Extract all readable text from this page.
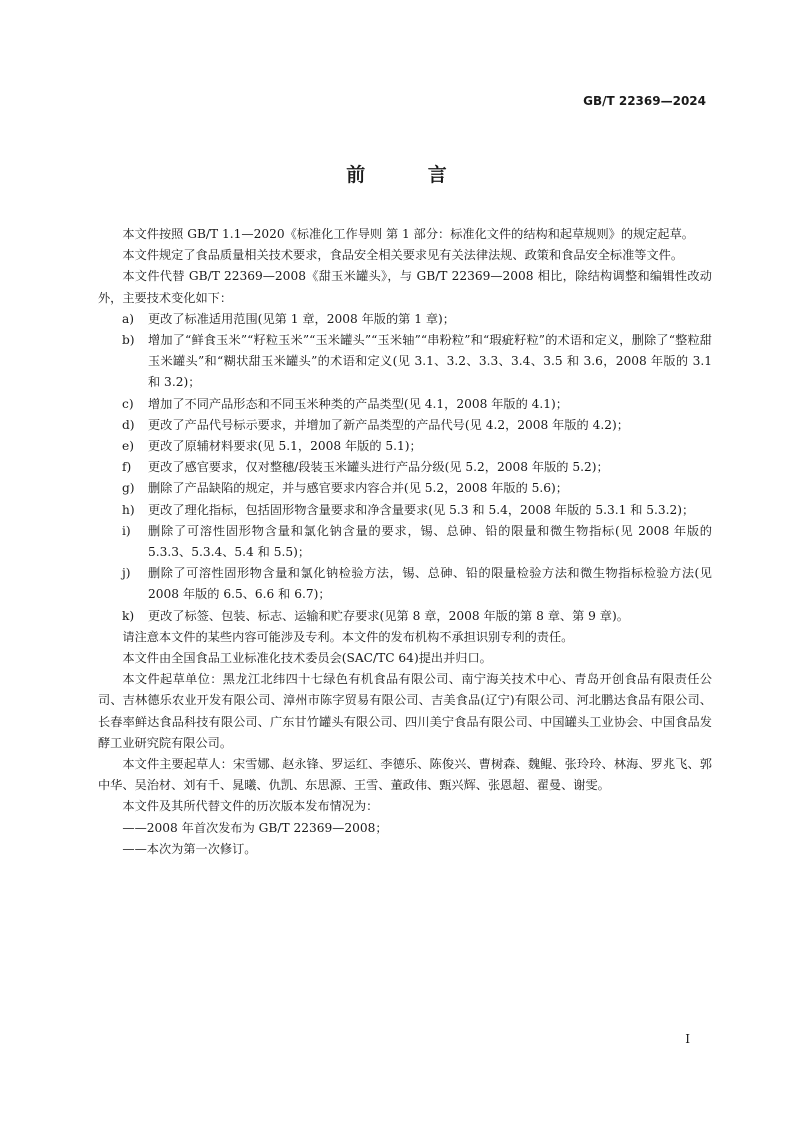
GB/T 22369—2024
前 言
本文件按照 GB/T 1.1—2020《标准化工作导则 第 1 部分：标准化文件的结构和起草规则》的规定起草。
本文件规定了食品质量相关技术要求，食品安全相关要求见有关法律法规、政策和食品安全标准等文件。
本文件代替 GB/T 22369—2008《甜玉米罐头》，与 GB/T 22369—2008 相比，除结构调整和编辑性改动外，主要技术变化如下：
a)	更改了标准适用范围(见第 1 章，2008 年版的第 1 章)；
b)	增加了“鲜食玉米”“籽粒玉米”“玉米罐头”“玉米轴”“串粉粒”和“瑕疵籽粒”的术语和定义，删除了“整粒甜玉米罐头”和“糊状甜玉米罐头”的术语和定义(见 3.1、3.2、3.3、3.4、3.5 和 3.6，2008 年版的 3.1 和 3.2)；
c)	增加了不同产品形态和不同玉米种类的产品类型(见 4.1，2008 年版的 4.1)；
d)	更改了产品代号标示要求，并增加了新产品类型的产品代号(见 4.2，2008 年版的 4.2)；
e)	更改了原辅材料要求(见 5.1，2008 年版的 5.1)；
f)	更改了感官要求，仅对整穗/段装玉米罐头进行产品分级(见 5.2，2008 年版的 5.2)；
g)	删除了产品缺陷的规定，并与感官要求内容合并(见 5.2，2008 年版的 5.6)；
h)	更改了理化指标，包括固形物含量要求和净含量要求(见 5.3 和 5.4，2008 年版的 5.3.1 和 5.3.2)；
i)	删除了可溶性固形物含量和氯化钠含量的要求，锡、总砷、铅的限量和微生物指标(见 2008 年版的 5.3.3、5.3.4、5.4 和 5.5)；
j)	删除了可溶性固形物含量和氯化钠检验方法，锡、总砷、铅的限量检验方法和微生物指标检验方法(见 2008 年版的 6.5、6.6 和 6.7)；
k)	更改了标签、包装、标志、运输和贮存要求(见第 8 章，2008 年版的第 8 章、第 9 章)。
请注意本文件的某些内容可能涉及专利。本文件的发布机构不承担识别专利的责任。
本文件由全国食品工业标准化技术委员会(SAC/TC 64)提出并归口。
本文件起草单位：黑龙江北纬四十七绿色有机食品有限公司、南宁海关技术中心、青岛开创食品有限责任公司、吉林德乐农业开发有限公司、漳州市陈字贸易有限公司、吉美食品(辽宁)有限公司、河北鹏达食品有限公司、长春率鲜达食品科技有限公司、广东甘竹罐头有限公司、四川美宁食品有限公司、中国罐头工业协会、中国食品发酵工业研究院有限公司。
本文件主要起草人：宋雪娜、赵永锋、罗运红、李德乐、陈俊兴、曹树森、魏鲲、张玲玲、林海、罗兆飞、郭中华、吴治材、刘有千、晁曦、仇凯、东思源、王雪、董政伟、甄兴辉、张恩超、翟曼、谢雯。
本文件及其所代替文件的历次版本发布情况为：
——2008 年首次发布为 GB/T 22369—2008；
——本次为第一次修订。
I
